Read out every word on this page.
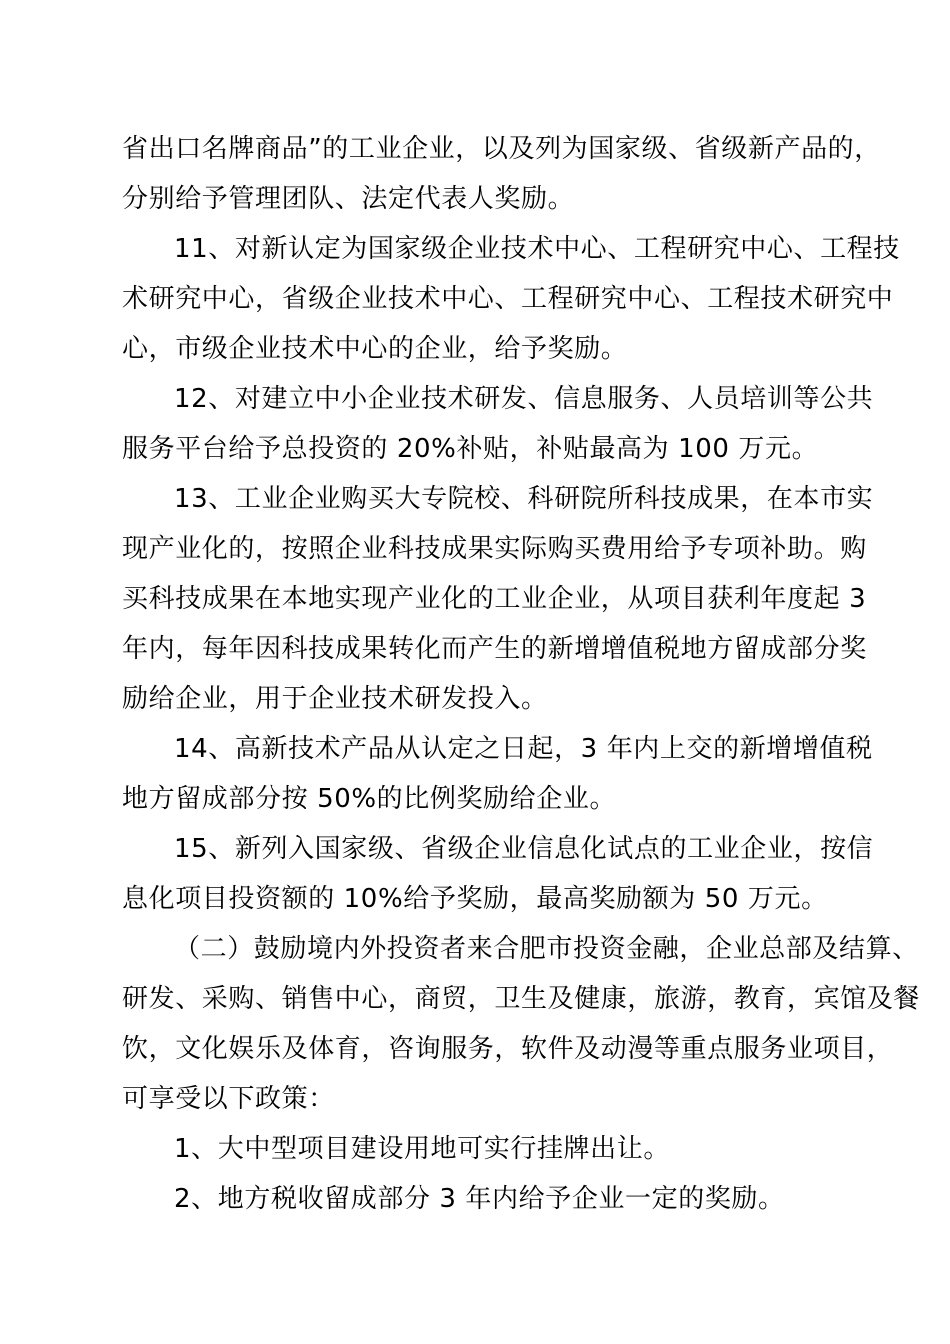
省出口名牌商品”的工业企业，以及列为国家级、省级新产品的，
分别给予管理团队、法定代表人奖励。
11、对新认定为国家级企业技术中心、工程研究中心、工程技
术研究中心，省级企业技术中心、工程研究中心、工程技术研究中
心，市级企业技术中心的企业，给予奖励。
12、对建立中小企业技术研发、信息服务、人员培训等公共
服务平台给予总投资的 20%补贴，补贴最高为 100 万元。
13、工业企业购买大专院校、科研院所科技成果，在本市实
现产业化的，按照企业科技成果实际购买费用给予专项补助。购
买科技成果在本地实现产业化的工业企业，从项目获利年度起 3
年内，每年因科技成果转化而产生的新增增值税地方留成部分奖
励给企业，用于企业技术研发投入。
14、高新技术产品从认定之日起，3 年内上交的新增增值税
地方留成部分按 50%的比例奖励给企业。
15、新列入国家级、省级企业信息化试点的工业企业，按信
息化项目投资额的 10%给予奖励，最高奖励额为 50 万元。
（二）鼓励境内外投资者来合肥市投资金融，企业总部及结算、
研发、采购、销售中心，商贸，卫生及健康，旅游，教育，宾馆及餐
饮，文化娱乐及体育，咨询服务，软件及动漫等重点服务业项目，
可享受以下政策：
1、大中型项目建设用地可实行挂牌出让。
2、地方税收留成部分 3 年内给予企业一定的奖励。
